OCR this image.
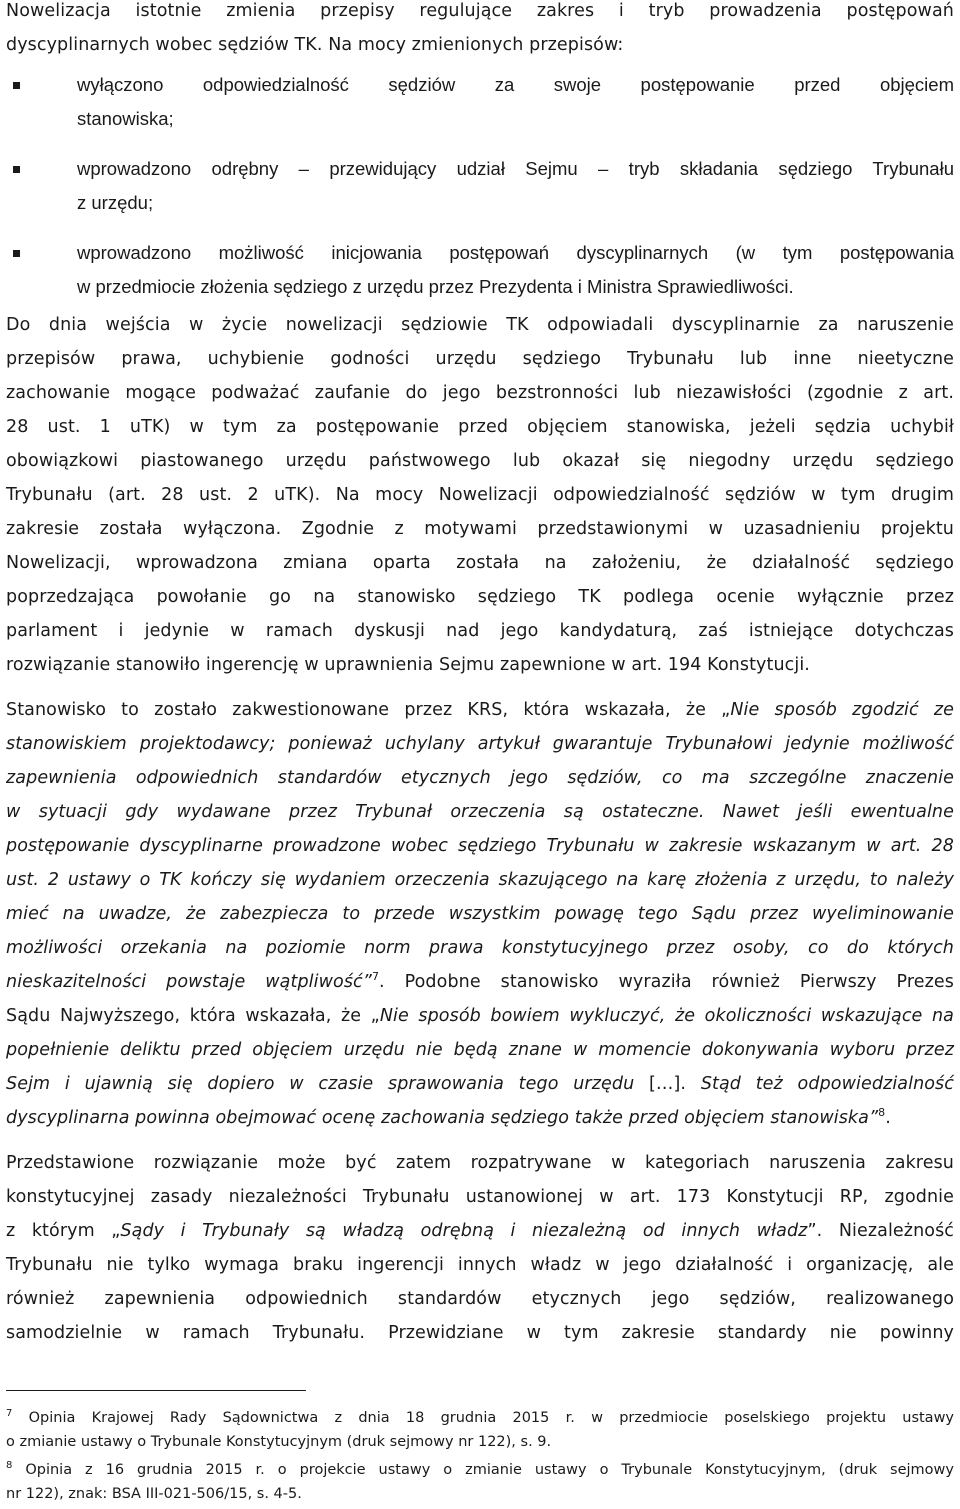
Nowelizacja istotnie zmienia przepisy regulujące zakres i tryb prowadzenia postępowań
dyscyplinarnych wobec sędziów TK. Na mocy zmienionych przepisów:

wyłączono odpowiedzialność sędziów za swoje postępowanie przed objęciem
stanowiska;
wprowadzono odrębny – przewidujący udział Sejmu – tryb składania sędziego Trybunału
z urzędu;
wprowadzono możliwość inicjowania postępowań dyscyplinarnych (w tym postępowania
w przedmiocie złożenia sędziego z urzędu przez Prezydenta i Ministra Sprawiedliwości.

Do dnia wejścia w życie nowelizacji sędziowie TK odpowiadali dyscyplinarnie za naruszenie
przepisów prawa, uchybienie godności urzędu sędziego Trybunału lub inne nieetyczne
zachowanie mogące podważać zaufanie do jego bezstronności lub niezawisłości (zgodnie z art.
28 ust. 1 uTK) w tym za postępowanie przed objęciem stanowiska, jeżeli sędzia uchybił
obowiązkowi piastowanego urzędu państwowego lub okazał się niegodny urzędu sędziego
Trybunału (art. 28 ust. 2 uTK). Na mocy Nowelizacji odpowiedzialność sędziów w tym drugim
zakresie została wyłączona. Zgodnie z motywami przedstawionymi w uzasadnieniu projektu
Nowelizacji, wprowadzona zmiana oparta została na założeniu, że działalność sędziego
poprzedzająca powołanie go na stanowisko sędziego TK podlega ocenie wyłącznie przez
parlament i jedynie w ramach dyskusji nad jego kandydaturą, zaś istniejące dotychczas
rozwiązanie stanowiło ingerencję w uprawnienia Sejmu zapewnione w art. 194 Konstytucji.

Stanowisko to zostało zakwestionowane przez KRS, która wskazała, że „Nie sposób zgodzić ze
stanowiskiem projektodawcy; ponieważ uchylany artykuł gwarantuje Trybunałowi jedynie możliwość
zapewnienia odpowiednich standardów etycznych jego sędziów, co ma szczególne znaczenie
w sytuacji gdy wydawane przez Trybunał orzeczenia są ostateczne. Nawet jeśli ewentualne
postępowanie dyscyplinarne prowadzone wobec sędziego Trybunału w zakresie wskazanym w art. 28
ust. 2 ustawy o TK kończy się wydaniem orzeczenia skazującego na karę złożenia z urzędu, to należy
mieć na uwadze, że zabezpiecza to przede wszystkim powagę tego Sądu przez wyeliminowanie
możliwości orzekania na poziomie norm prawa konstytucyjnego przez osoby, co do których
nieskazitelności powstaje wątpliwość”$^7$. Podobne stanowisko wyraziła również Pierwszy Prezes
Sądu Najwyższego, która wskazała, że „Nie sposób bowiem wykluczyć, że okoliczności wskazujące na
popełnienie deliktu przed objęciem urzędu nie będą znane w momencie dokonywania wyboru przez
Sejm i ujawnią się dopiero w czasie sprawowania tego urzędu […]. Stąd też odpowiedzialność
dyscyplinarna powinna obejmować ocenę zachowania sędziego także przed objęciem stanowiska”$^8$.

Przedstawione rozwiązanie może być zatem rozpatrywane w kategoriach naruszenia zakresu
konstytucyjnej zasady niezależności Trybunału ustanowionej w art. 173 Konstytucji RP, zgodnie
z którym „Sądy i Trybunały są władzą odrębną i niezależną od innych władz”. Niezależność
Trybunału nie tylko wymaga braku ingerencji innych władz w jego działalność i organizację, ale
również zapewnienia odpowiednich standardów etycznych jego sędziów, realizowanego
samodzielnie w ramach Trybunału. Przewidziane w tym zakresie standardy nie powinny

$^7$ Opinia Krajowej Rady Sądownictwa z dnia 18 grudnia 2015 r. w przedmiocie poselskiego projektu ustawy
o zmianie ustawy o Trybunale Konstytucyjnym (druk sejmowy nr 122), s. 9.
$^8$ Opinia z 16 grudnia 2015 r. o projekcie ustawy o zmianie ustawy o Trybunale Konstytucyjnym, (druk sejmowy
nr 122), znak: BSA III-021-506/15, s. 4-5.
